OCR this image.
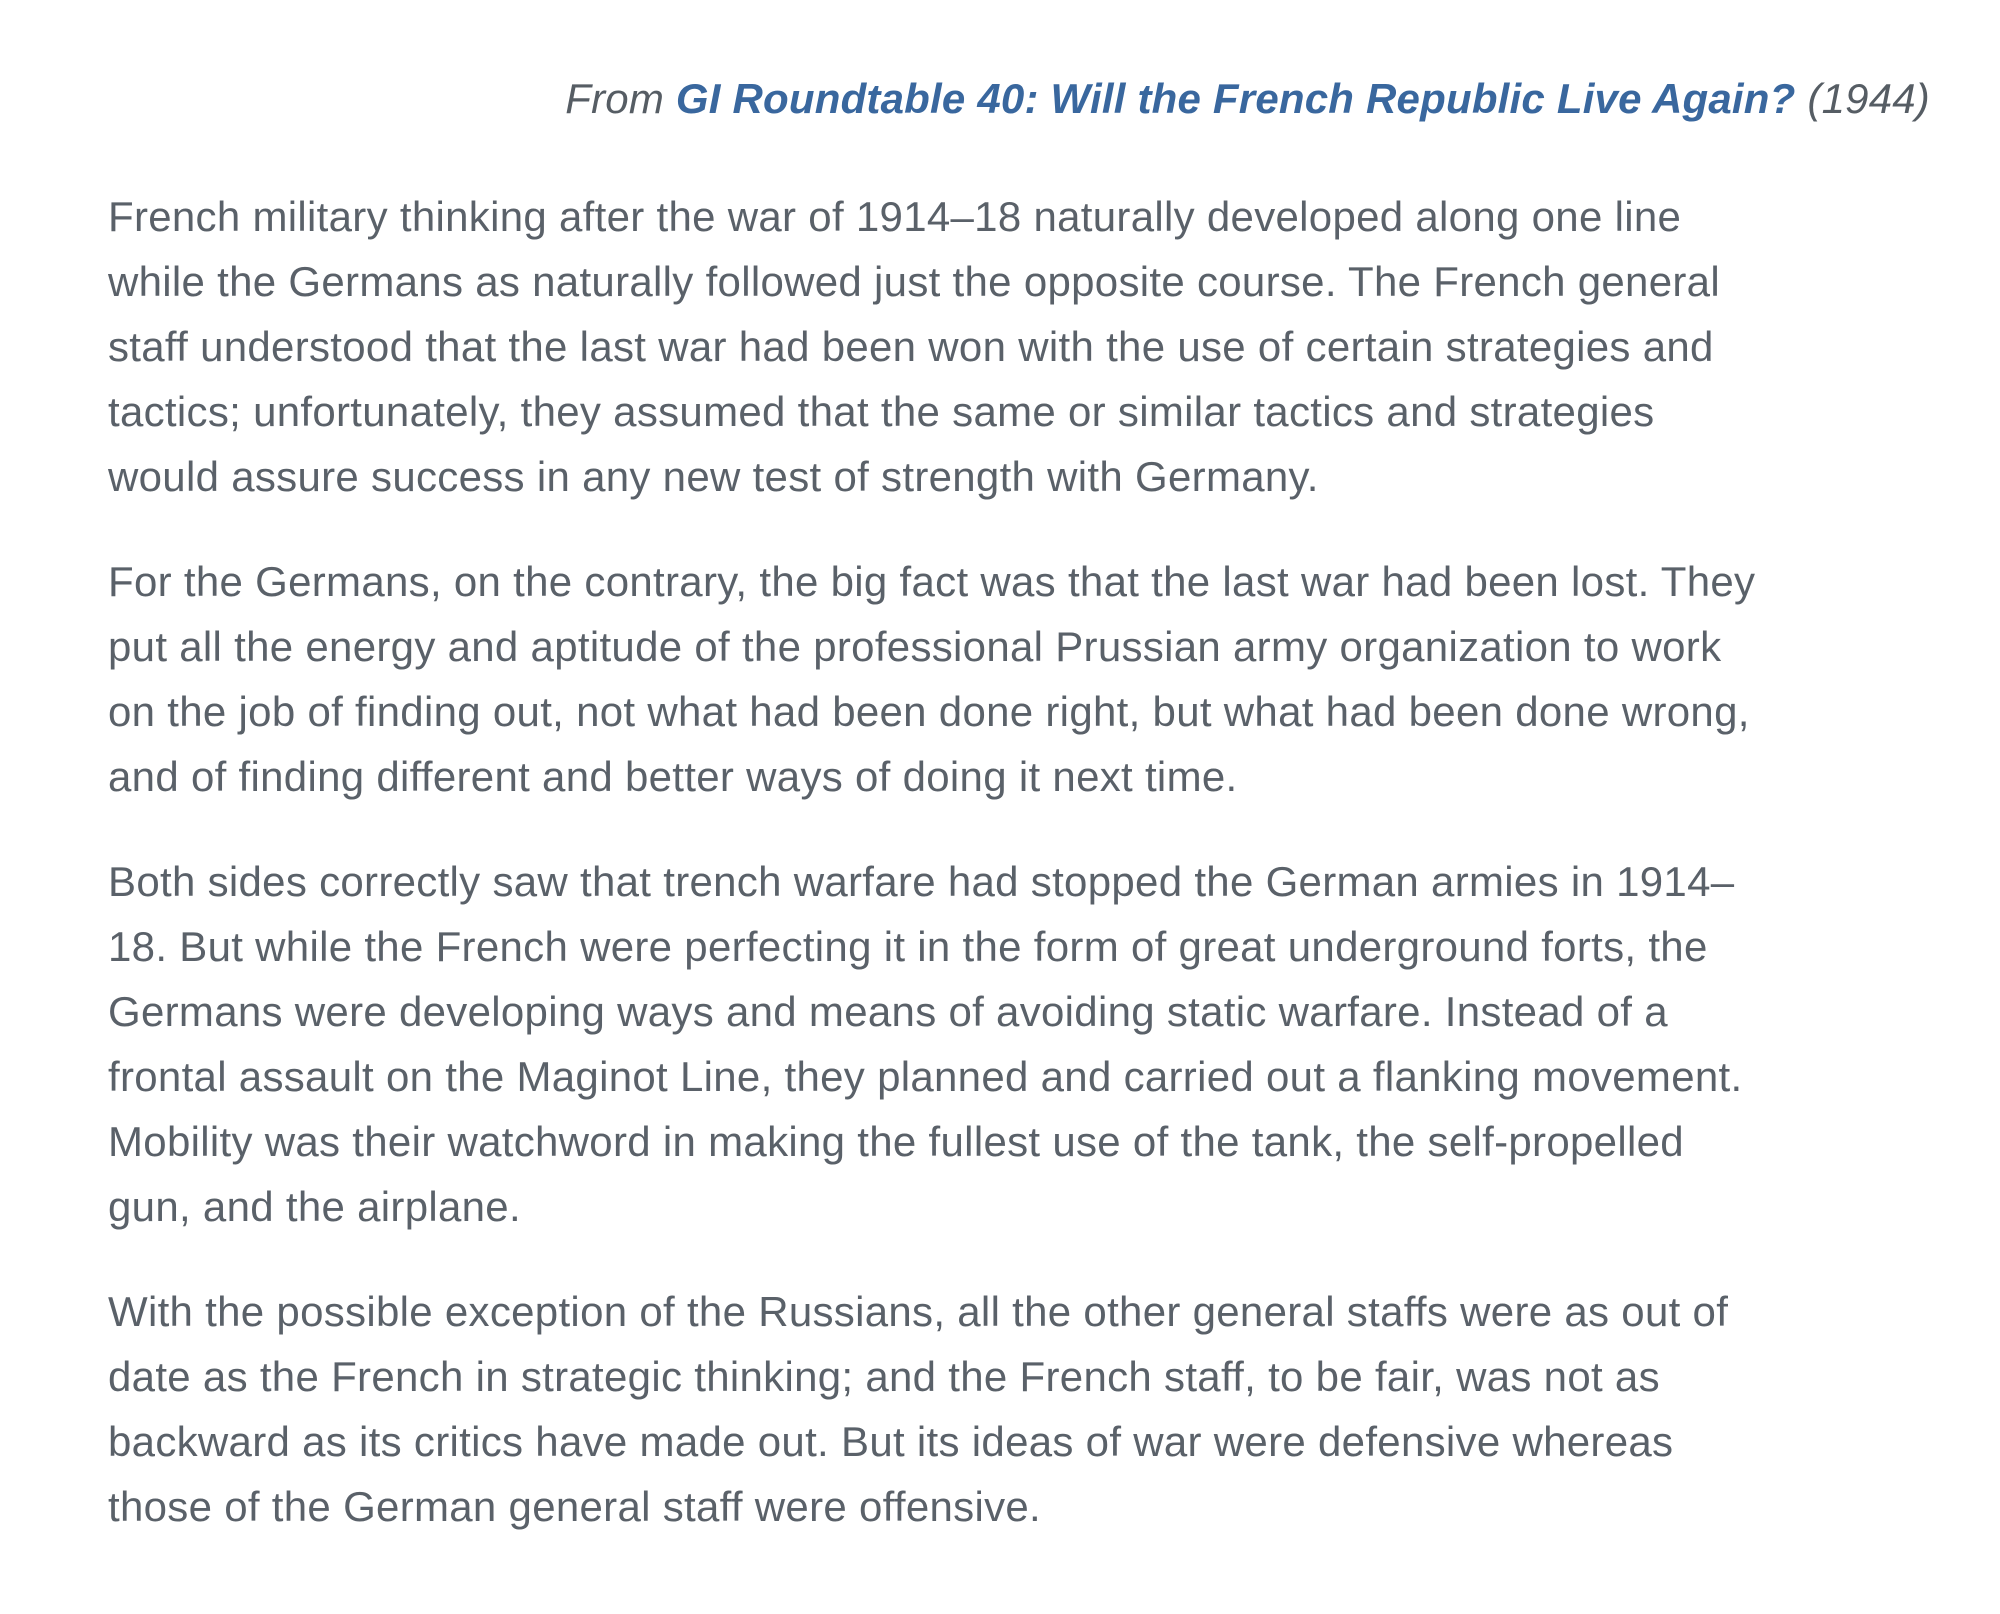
From GI Roundtable 40: Will the French Republic Live Again? (1944)

French military thinking after the war of 1914–18 naturally developed along one line
while the Germans as naturally followed just the opposite course. The French general
staff understood that the last war had been won with the use of certain strategies and
tactics; unfortunately, they assumed that the same or similar tactics and strategies
would assure success in any new test of strength with Germany.

For the Germans, on the contrary, the big fact was that the last war had been lost. They
put all the energy and aptitude of the professional Prussian army organization to work
on the job of finding out, not what had been done right, but what had been done wrong,
and of finding different and better ways of doing it next time.

Both sides correctly saw that trench warfare had stopped the German armies in 1914–
18. But while the French were perfecting it in the form of great underground forts, the
Germans were developing ways and means of avoiding static warfare. Instead of a
frontal assault on the Maginot Line, they planned and carried out a flanking movement.
Mobility was their watchword in making the fullest use of the tank, the self-propelled
gun, and the airplane.

With the possible exception of the Russians, all the other general staffs were as out of
date as the French in strategic thinking; and the French staff, to be fair, was not as
backward as its critics have made out. But its ideas of war were defensive whereas
those of the German general staff were offensive.
